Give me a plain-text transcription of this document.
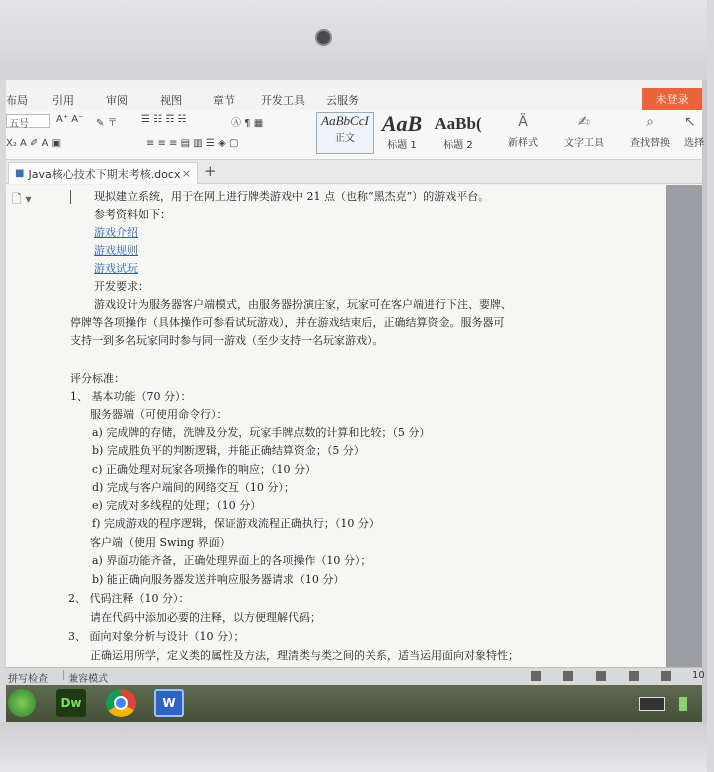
布局 引用	审阅	视图	章节 开发工具 云服务	未登录
五号	A⁺ A⁻ ✎ 〒 ☰ ☷ ☶ ☵	Ⓐ ¶ ▦
X₂ A ✐ A ▣	≡ ≡ ≡ ▤ ▥ ☰ ◈ ▢
AaBbCcI
正文
AaB
标题 1
AaBb(
标题 2
Ä
新样式
✍
文字工具
⌕
查找替换
↖
选择
■ Java核心技术下期末考核.docx × +
🗋 ▾	现拟建立系统，用于在网上进行牌类游戏中 21 点（也称“黑杰克”）的游戏平台。
参考资料如下：
游戏介绍
游戏规则
游戏试玩
开发要求：
游戏设计为服务器客户端模式，由服务器扮演庄家，玩家可在客户端进行下注、要牌、
停牌等各项操作（具体操作可参看试玩游戏），并在游戏结束后，正确结算资金。服务器可
支持一到多名玩家同时参与同一游戏（至少支持一名玩家游戏）。
评分标准：
1、 基本功能（70 分）：
服务器端（可使用命令行）：
a) 完成牌的存储，洗牌及分发，玩家手牌点数的计算和比较；（5 分）
b) 完成胜负平的判断逻辑，并能正确结算资金；（5 分）
c) 正确处理对玩家各项操作的响应；（10 分）
d) 完成与客户端间的网络交互（10 分）；
e) 完成对多线程的处理；（10 分）
f) 完成游戏的程序逻辑，保证游戏流程正确执行；（10 分）
客户端（使用 Swing 界面）
a) 界面功能齐备，正确处理界面上的各项操作（10 分）；
b) 能正确向服务器发送并响应服务器请求（10 分）
2、 代码注释（10 分）：
请在代码中添加必要的注释，以方便理解代码；
3、 面向对象分析与设计（10 分）；
正确运用所学，定义类的属性及方法，理清类与类之间的关系，适当运用面向对象特性；
拼写检查 | 兼容模式	10
Dw	W
